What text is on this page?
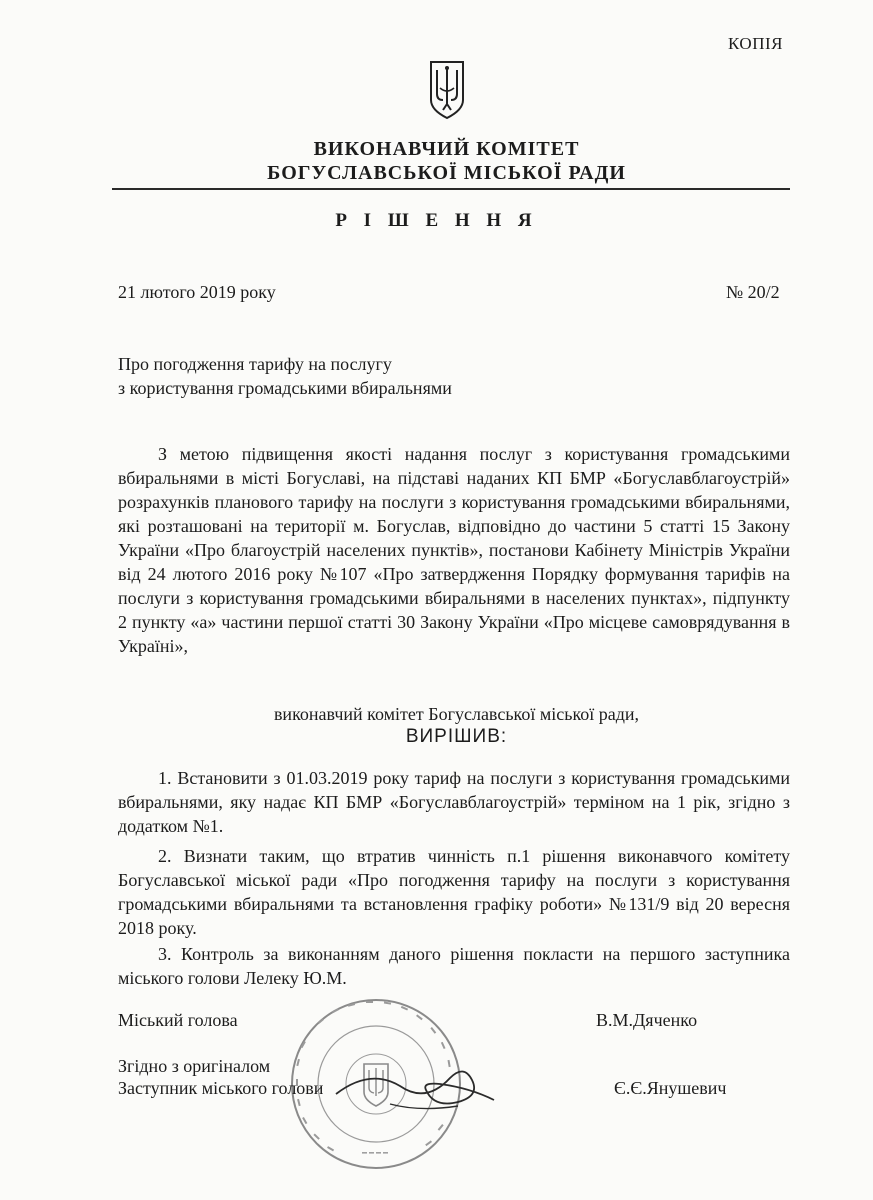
КОПІЯ
ВИКОНАВЧИЙ КОМІТЕТ
БОГУСЛАВСЬКОЇ МІСЬКОЇ РАДИ
Р І Ш Е Н Н Я
21 лютого 2019 року	№ 20/2
Про погодження тарифу на послугу
з користування громадськими вбиральнями
З метою підвищення якості надання послуг з користування громадськими вбиральнями в місті Богуславі, на підставі наданих КП БМР «Богуславблагоустрій» розрахунків планового тарифу на послуги з користування громадськими вбиральнями, які розташовані на території м. Богуслав, відповідно до частини 5 статті 15 Закону України «Про благоустрій населених пунктів», постанови Кабінету Міністрів України від 24 лютого 2016 року №107 «Про затвердження Порядку формування тарифів на послуги з користування громадськими вбиральнями в населених пунктах», підпункту 2 пункту «а» частини першої статті 30 Закону України «Про місцеве самоврядування в Україні»,
виконавчий комітет Богуславської міської ради,
ВИРІШИВ:
1. Встановити з 01.03.2019 року тариф на послуги з користування громадськими вбиральнями, яку надає КП БМР «Богуславблагоустрій» терміном на 1 рік, згідно з додатком №1.
2. Визнати таким, що втратив чинність п.1 рішення виконавчого комітету Богуславської міської ради «Про погодження тарифу на послуги з користування громадськими вбиральнями та встановлення графіку роботи» №131/9 від 20 вересня 2018 року.
3. Контроль за виконанням даного рішення покласти на першого заступника міського голови Лелеку Ю.М.
Міський голова	В.М.Дяченко
Згідно з оригіналом
Заступник міського голови	Є.Є.Янушевич
